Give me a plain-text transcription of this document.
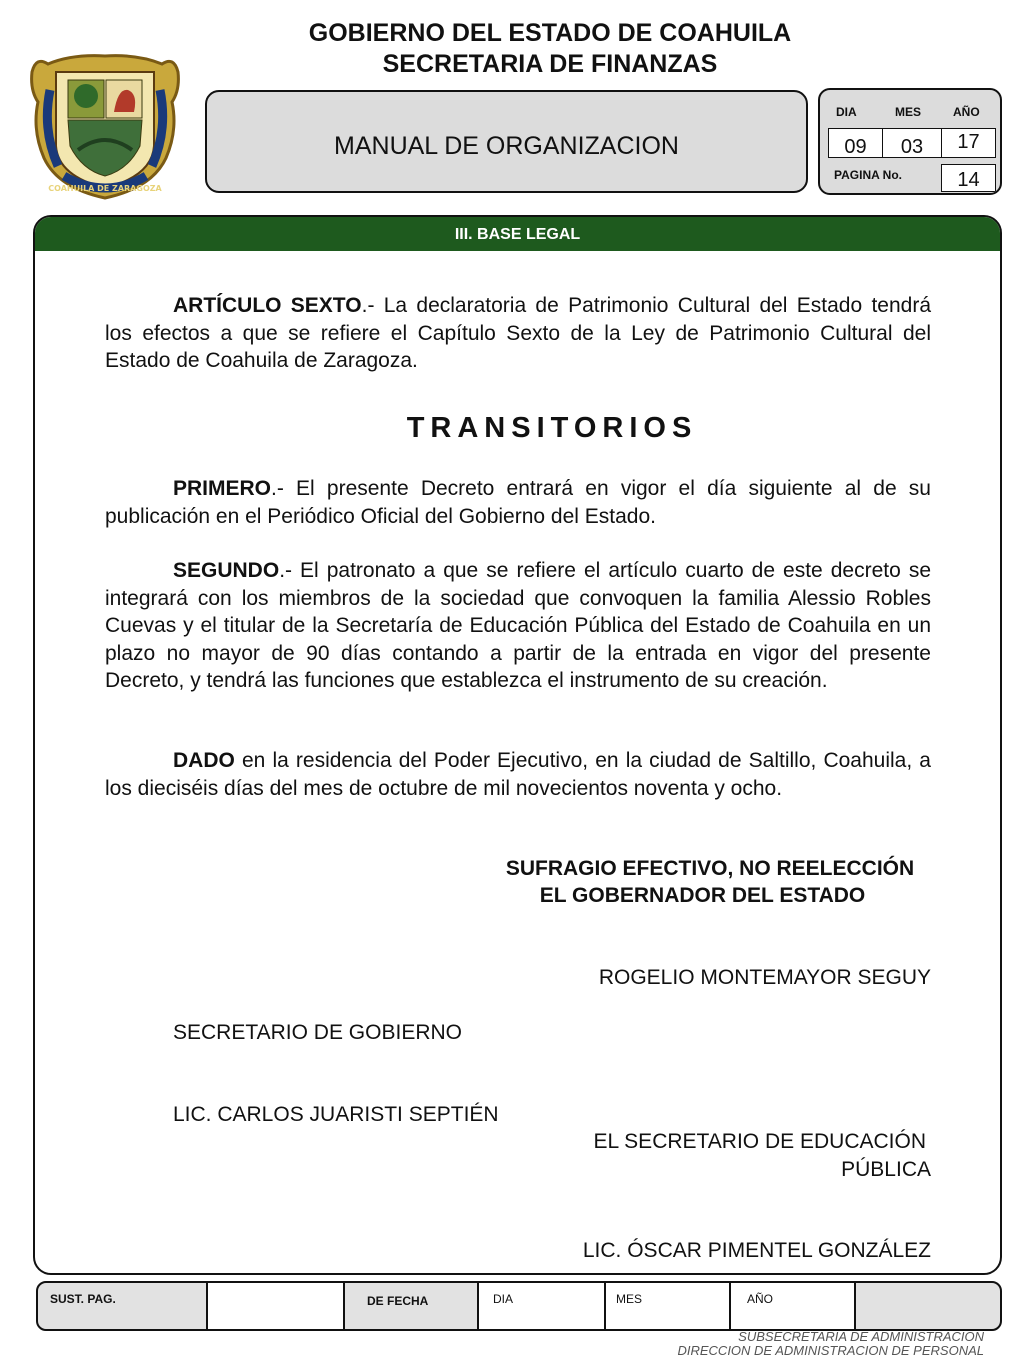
GOBIERNO DEL ESTADO DE COAHUILA
SECRETARIA DE FINANZAS
COAHUILA DE ZARAGOZA
MANUAL DE ORGANIZACION
DIA	MES	AÑO
09	03	17
PAGINA No.	14
III. BASE LEGAL
ARTÍCULO SEXTO.- La declaratoria de Patrimonio Cultural del Estado tendrá los efectos a que se refiere el Capítulo Sexto de la Ley de Patrimonio Cultural del Estado de Coahuila de Zaragoza.
TRANSITORIOS
PRIMERO.- El presente Decreto entrará en vigor el día siguiente al de su publicación en el Periódico Oficial del Gobierno del Estado.
SEGUNDO.- El patronato a que se refiere el artículo cuarto de este decreto se integrará con los miembros de la sociedad que convoquen la familia Alessio Robles Cuevas y el titular de la Secretaría de Educación Pública del Estado de Coahuila en un plazo no mayor de 90 días contando a partir de la entrada en vigor del presente Decreto, y tendrá las funciones que establezca el instrumento de su creación.
DADO en la residencia del Poder Ejecutivo, en la ciudad de Saltillo, Coahuila, a los dieciséis días del mes de octubre de mil novecientos noventa y ocho.
SUFRAGIO EFECTIVO, NO REELECCIÓN
EL GOBERNADOR DEL ESTADO
ROGELIO MONTEMAYOR SEGUY
SECRETARIO DE GOBIERNO
LIC. CARLOS JUARISTI SEPTIÉN
EL SECRETARIO DE EDUCACIÓN
PÚBLICA
LIC. ÓSCAR PIMENTEL GONZÁLEZ
SUST. PAG.	DE FECHA	DIA	MES	AÑO
SUBSECRETARIA DE ADMINISTRACION
DIRECCION DE ADMINISTRACION DE PERSONAL
